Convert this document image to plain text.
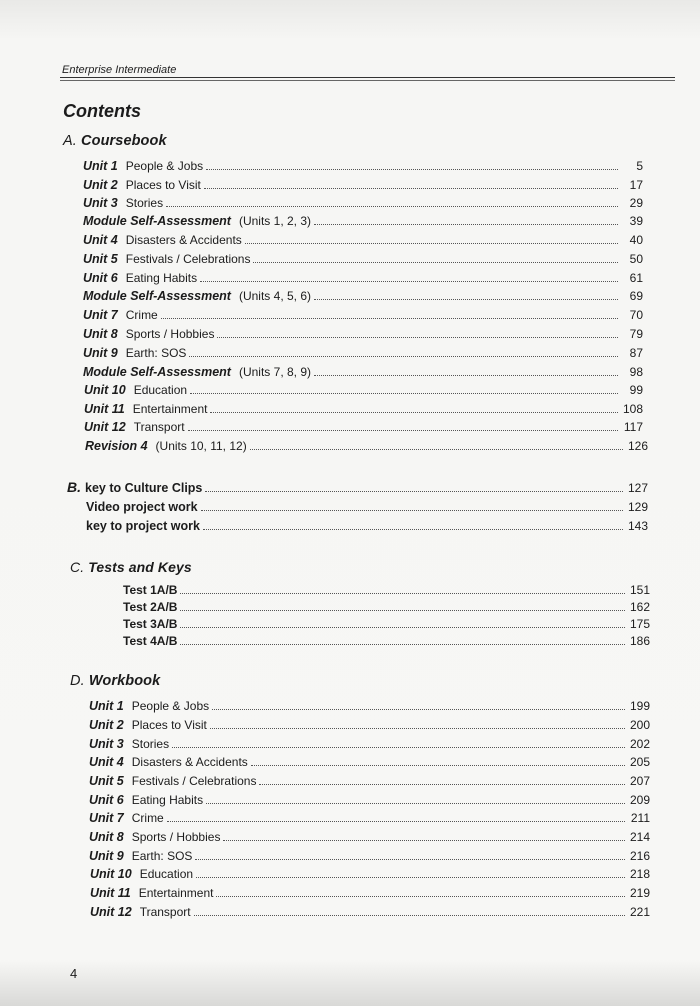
Enterprise Intermediate
Contents
A. Coursebook
Unit 1 People & Jobs	5
Unit 2 Places to Visit	17
Unit 3 Stories	29
Module Self-Assessment (Units 1, 2, 3)	39
Unit 4 Disasters & Accidents	40
Unit 5 Festivals / Celebrations	50
Unit 6 Eating Habits	61
Module Self-Assessment (Units 4, 5, 6)	69
Unit 7 Crime	70
Unit 8 Sports / Hobbies	79
Unit 9 Earth: SOS	87
Module Self-Assessment (Units 7, 8, 9)	98
Unit 10 Education	99
Unit 11 Entertainment	108
Unit 12 Transport	117
Revision 4 (Units 10, 11, 12)	126
B. key to Culture Clips	127
Video project work	129
key to project work	143
C. Tests and Keys
Test 1A/B	151
Test 2A/B	162
Test 3A/B	175
Test 4A/B	186
D. Workbook
Unit 1 People & Jobs	199
Unit 2 Places to Visit	200
Unit 3 Stories	202
Unit 4 Disasters & Accidents	205
Unit 5 Festivals / Celebrations	207
Unit 6 Eating Habits	209
Unit 7 Crime	211
Unit 8 Sports / Hobbies	214
Unit 9 Earth: SOS	216
Unit 10 Education	218
Unit 11 Entertainment	219
Unit 12 Transport	221
4
